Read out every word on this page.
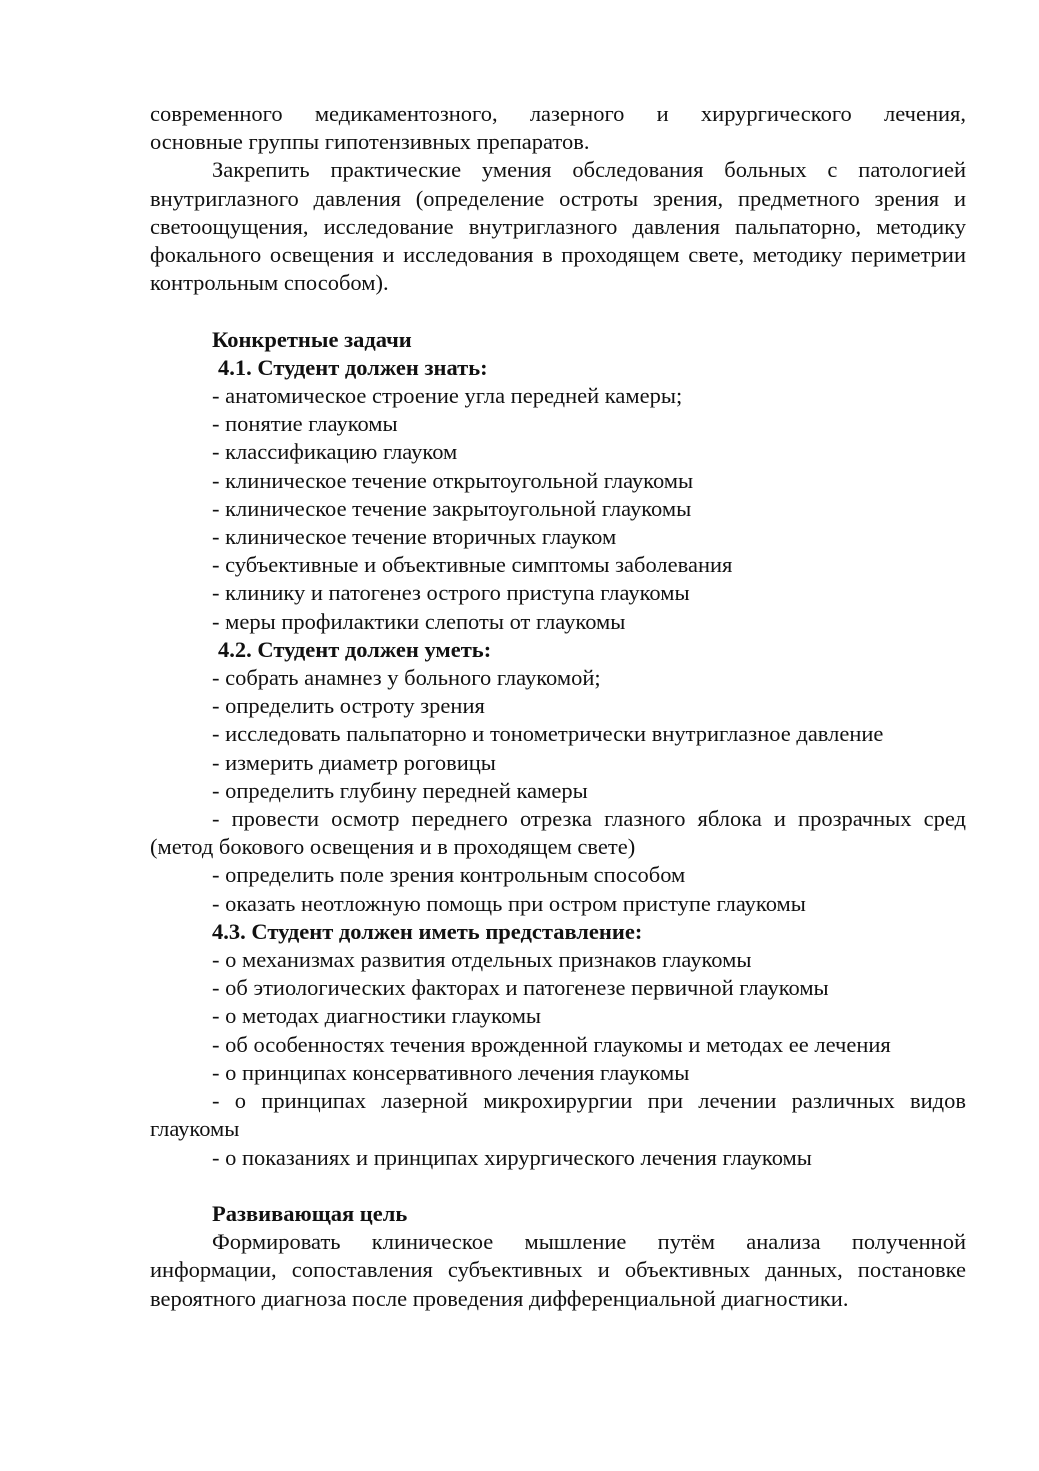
современного медикаментозного, лазерного и хирургического лечения,

основные группы гипотензивных препаратов.

Закрепить практические умения обследования больных с патологией внутриглазного давления (определение остроты зрения, предметного зрения и светоощущения, исследование внутриглазного давления пальпаторно, методику фокального освещения и исследования в проходящем свете, методику периметрии контрольным способом).

Конкретные задачи

4.1. Студент должен знать:

- анатомическое строение угла передней камеры;

- понятие глаукомы

- классификацию глауком

- клиническое течение открытоугольной глаукомы

- клиническое течение закрытоугольной глаукомы

- клиническое течение вторичных глауком

- субъективные и объективные симптомы заболевания

- клинику и патогенез острого приступа глаукомы

- меры профилактики слепоты от глаукомы

4.2. Студент должен уметь:

- собрать анамнез у больного глаукомой;

- определить остроту зрения

- исследовать пальпаторно и тонометрически внутриглазное давление

- измерить диаметр роговицы

- определить глубину передней камеры

- провести осмотр переднего отрезка глазного яблока и прозрачных сред (метод бокового освещения и в проходящем свете)

- определить поле зрения контрольным способом

- оказать неотложную помощь при остром приступе глаукомы

4.3. Студент должен иметь представление:

- о механизмах развития отдельных признаков глаукомы

- об этиологических факторах и патогенезе первичной глаукомы

- о методах диагностики глаукомы

- об особенностях течения врожденной глаукомы и методах ее лечения

- о принципах консервативного лечения глаукомы

- о принципах лазерной микрохирургии при лечении различных видов глаукомы

- о показаниях и принципах хирургического лечения глаукомы

Развивающая цель

Формировать клиническое мышление путём анализа полученной информации, сопоставления субъективных и объективных данных, постановке вероятного диагноза после проведения дифференциальной диагностики.
